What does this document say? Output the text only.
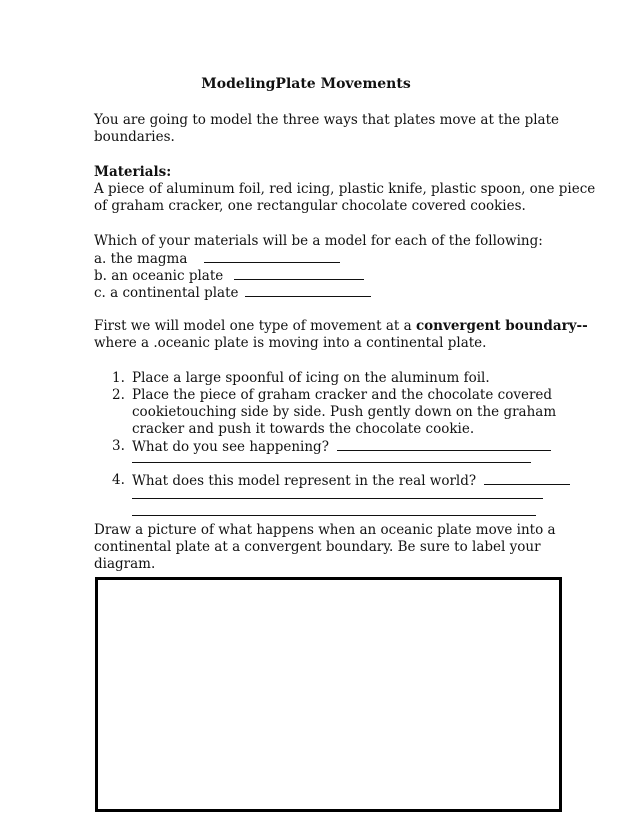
ModelingPlate Movements
You are going to model the three ways that plates move at the plate
boundaries.
Materials:
A piece of aluminum foil, red icing, plastic knife, plastic spoon, one piece
of graham cracker, one rectangular chocolate covered cookies.
Which of your materials will be a model for each of the following:
a. the magma
b. an oceanic plate
c. a continental plate
First we will model one type of movement at a convergent boundary--
where a .oceanic plate is moving into a continental plate.
1. Place a large spoonful of icing on the aluminum foil.
2. Place the piece of graham cracker and the chocolate covered
cookietouching side by side. Push gently down on the graham
cracker and push it towards the chocolate cookie.
3. What do you see happening?
4. What does this model represent in the real world?
Draw a picture of what happens when an oceanic plate move into a
continental plate at a convergent boundary. Be sure to label your
diagram.
